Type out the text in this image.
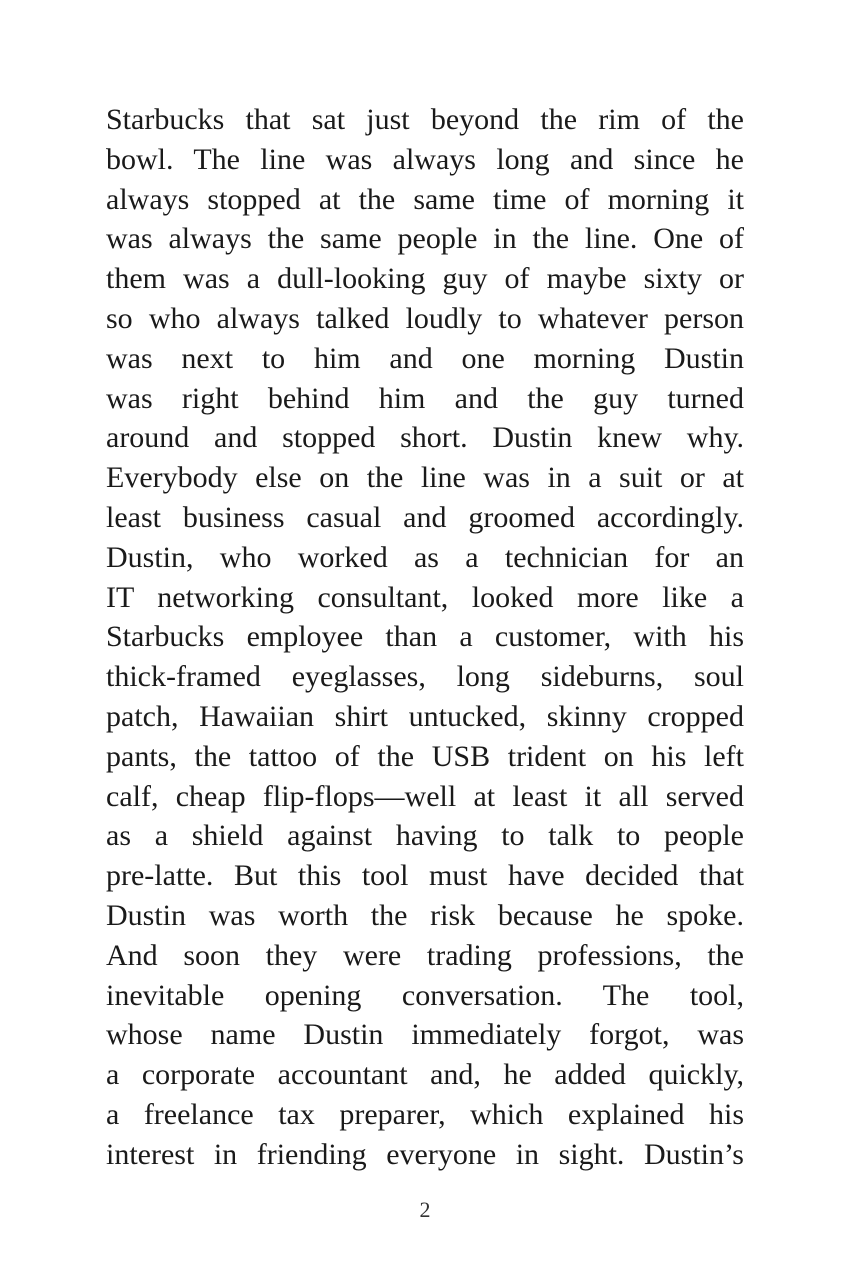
Starbucks that sat just beyond the rim of the
bowl. The line was always long and since he
always stopped at the same time of morning it
was always the same people in the line. One of
them was a dull-looking guy of maybe sixty or
so who always talked loudly to whatever person
was next to him and one morning Dustin
was right behind him and the guy turned
around and stopped short. Dustin knew why.
Everybody else on the line was in a suit or at
least business casual and groomed accordingly.
Dustin, who worked as a technician for an
IT networking consultant, looked more like a
Starbucks employee than a customer, with his
thick-framed eyeglasses, long sideburns, soul
patch, Hawaiian shirt untucked, skinny cropped
pants, the tattoo of the USB trident on his left
calf, cheap flip-flops—well at least it all served
as a shield against having to talk to people
pre-latte. But this tool must have decided that
Dustin was worth the risk because he spoke.
And soon they were trading professions, the
inevitable opening conversation. The tool,
whose name Dustin immediately forgot, was
a corporate accountant and, he added quickly,
a freelance tax preparer, which explained his
interest in friending everyone in sight. Dustin’s
2
